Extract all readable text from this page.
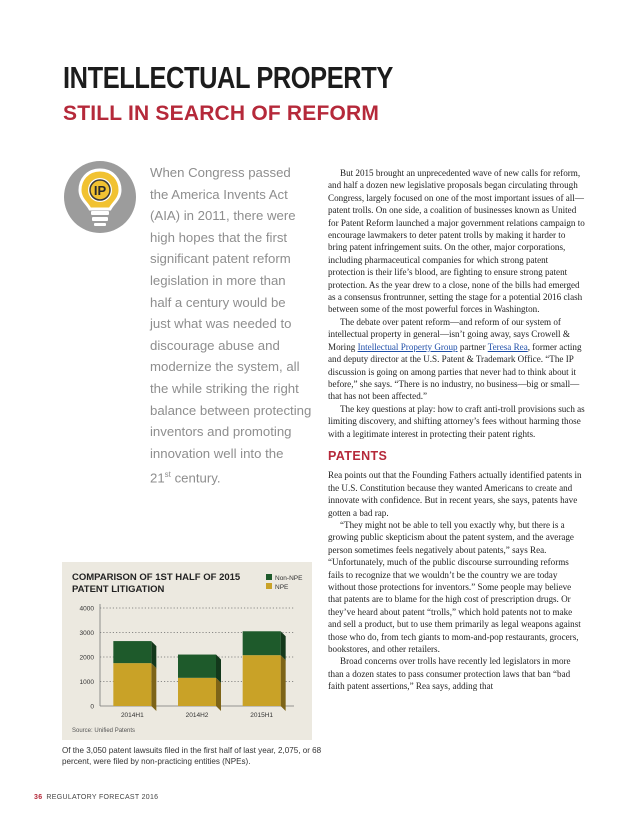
INTELLECTUAL PROPERTY
STILL IN SEARCH OF REFORM
IP

When Congress passed
the America Invents Act
(AIA) in 2011, there were
high hopes that the first
significant patent reform
legislation in more than
half a century would be
just what was needed to
discourage abuse and
modernize the system, all
the while striking the right
balance between protecting
inventors and promoting
innovation well into the
21st century.

But 2015 brought an unprecedented wave of new calls for reform, and half a dozen new legislative proposals began circulating through Congress, largely focused on one of the most important issues of all—patent trolls. On one side, a coalition of businesses known as United for Patent Reform launched a major government relations campaign to encourage lawmakers to deter patent trolls by making it harder to bring patent infringement suits. On the other, major corporations, including pharmaceutical companies for which strong patent protection is their life’s blood, are fighting to ensure strong patent protection. As the year drew to a close, none of the bills had emerged as a consensus frontrunner, setting the stage for a potential 2016 clash between some of the most powerful forces in Washington.

The debate over patent reform—and reform of our system of intellectual property in general—isn’t going away, says Crowell & Moring Intellectual Property Group partner Teresa Rea, former acting and deputy director at the U.S. Patent & Trademark Office. “The IP discussion is going on among parties that never had to think about it before,” she says. “There is no industry, no business—big or small—that has not been affected.”

The key questions at play: how to craft anti-troll provisions such as limiting discovery, and shifting attorney’s fees without harming those with a legitimate interest in protecting their patent rights.

PATENTS

Rea points out that the Founding Fathers actually identified patents in the U.S. Constitution because they wanted Americans to create and innovate with confidence. But in recent years, she says, patents have gotten a bad rap.

“They might not be able to tell you exactly why, but there is a growing public skepticism about the patent system, and the average person sometimes feels negatively about patents,” says Rea. “Unfortunately, much of the public discourse surrounding reforms fails to recognize that we wouldn’t be the country we are today without those protections for inventors.” Some people may believe that patents are to blame for the high cost of prescription drugs. Or they’ve heard about patent “trolls,” which hold patents not to make and sell a product, but to use them primarily as legal weapons against those who do, from tech giants to mom-and-pop restaurants, grocers, bookstores, and other retailers.

Broad concerns over trolls have recently led legislators in more than a dozen states to pass consumer protection laws that ban “bad faith patent assertions,” Rea says, adding that

COMPARISON OF 1ST HALF OF 2015
PATENT LITIGATION
Non-NPE
NPE
0
1000
2000
3000
4000
2014H1	2014H2	2015H1
Source: Unified Patents

Of the 3,050 patent lawsuits filed in the first half of last year, 2,075, or 68 percent, were filed by non-practicing entities (NPEs).

36 REGULATORY FORECAST 2016
